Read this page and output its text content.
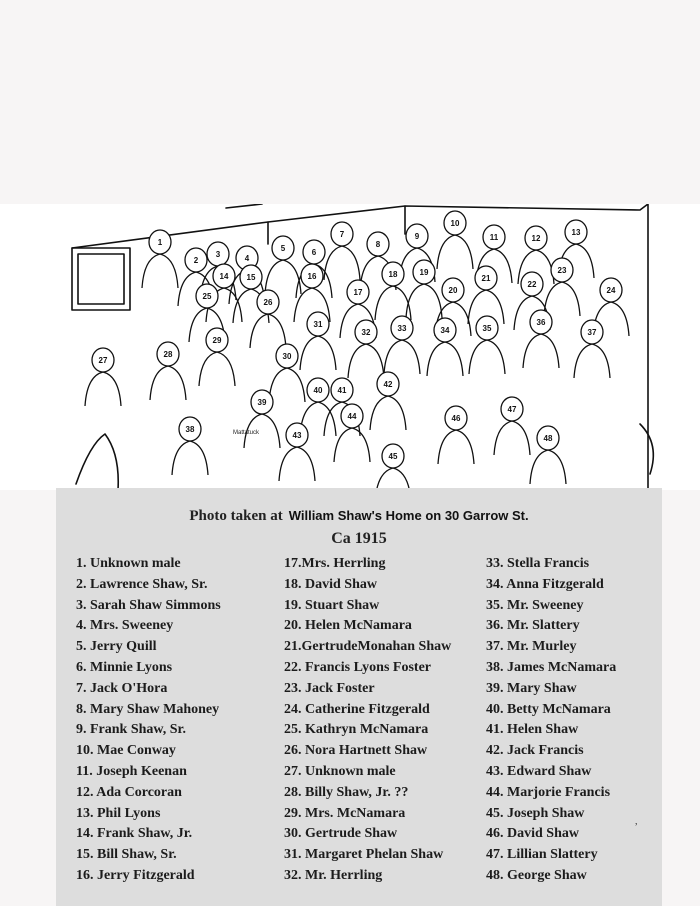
1
2
3	4
5	6
7
8
9
10
11	12
13
14 15	16
17
18	19
20
21
22
23
24
25
26
27
28
29
30
31
32	33	34	35
36
37
38
39
40 41
42
43
44
45
46
47
48
Mattatuck
Photo taken at William Shaw's Home on 30 Garrow St.
Ca 1915
1. Unknown male
2. Lawrence Shaw, Sr.
3. Sarah Shaw Simmons
4. Mrs. Sweeney
5. Jerry Quill
6. Minnie Lyons
7. Jack O'Hora
8. Mary Shaw Mahoney
9. Frank Shaw, Sr.
10. Mae Conway
11. Joseph Keenan
12. Ada Corcoran
13. Phil Lyons
14. Frank Shaw, Jr.
15. Bill Shaw, Sr.
16. Jerry Fitzgerald
17.Mrs. Herrling
18. David Shaw
19. Stuart Shaw
20. Helen McNamara
21.GertrudeMonahan Shaw
22. Francis Lyons Foster
23. Jack Foster
24. Catherine Fitzgerald
25. Kathryn McNamara
26. Nora Hartnett Shaw
27. Unknown male
28. Billy Shaw, Jr. ??
29. Mrs. McNamara
30. Gertrude Shaw
31. Margaret Phelan Shaw
32. Mr. Herrling
33. Stella Francis
34. Anna Fitzgerald
35. Mr. Sweeney
36. Mr. Slattery
37. Mr. Murley
38. James McNamara
39. Mary Shaw
40. Betty McNamara
41. Helen Shaw
42. Jack Francis
43. Edward Shaw
44. Marjorie Francis
45. Joseph Shaw
46. David Shaw
47. Lillian Slattery
48. George Shaw
,
